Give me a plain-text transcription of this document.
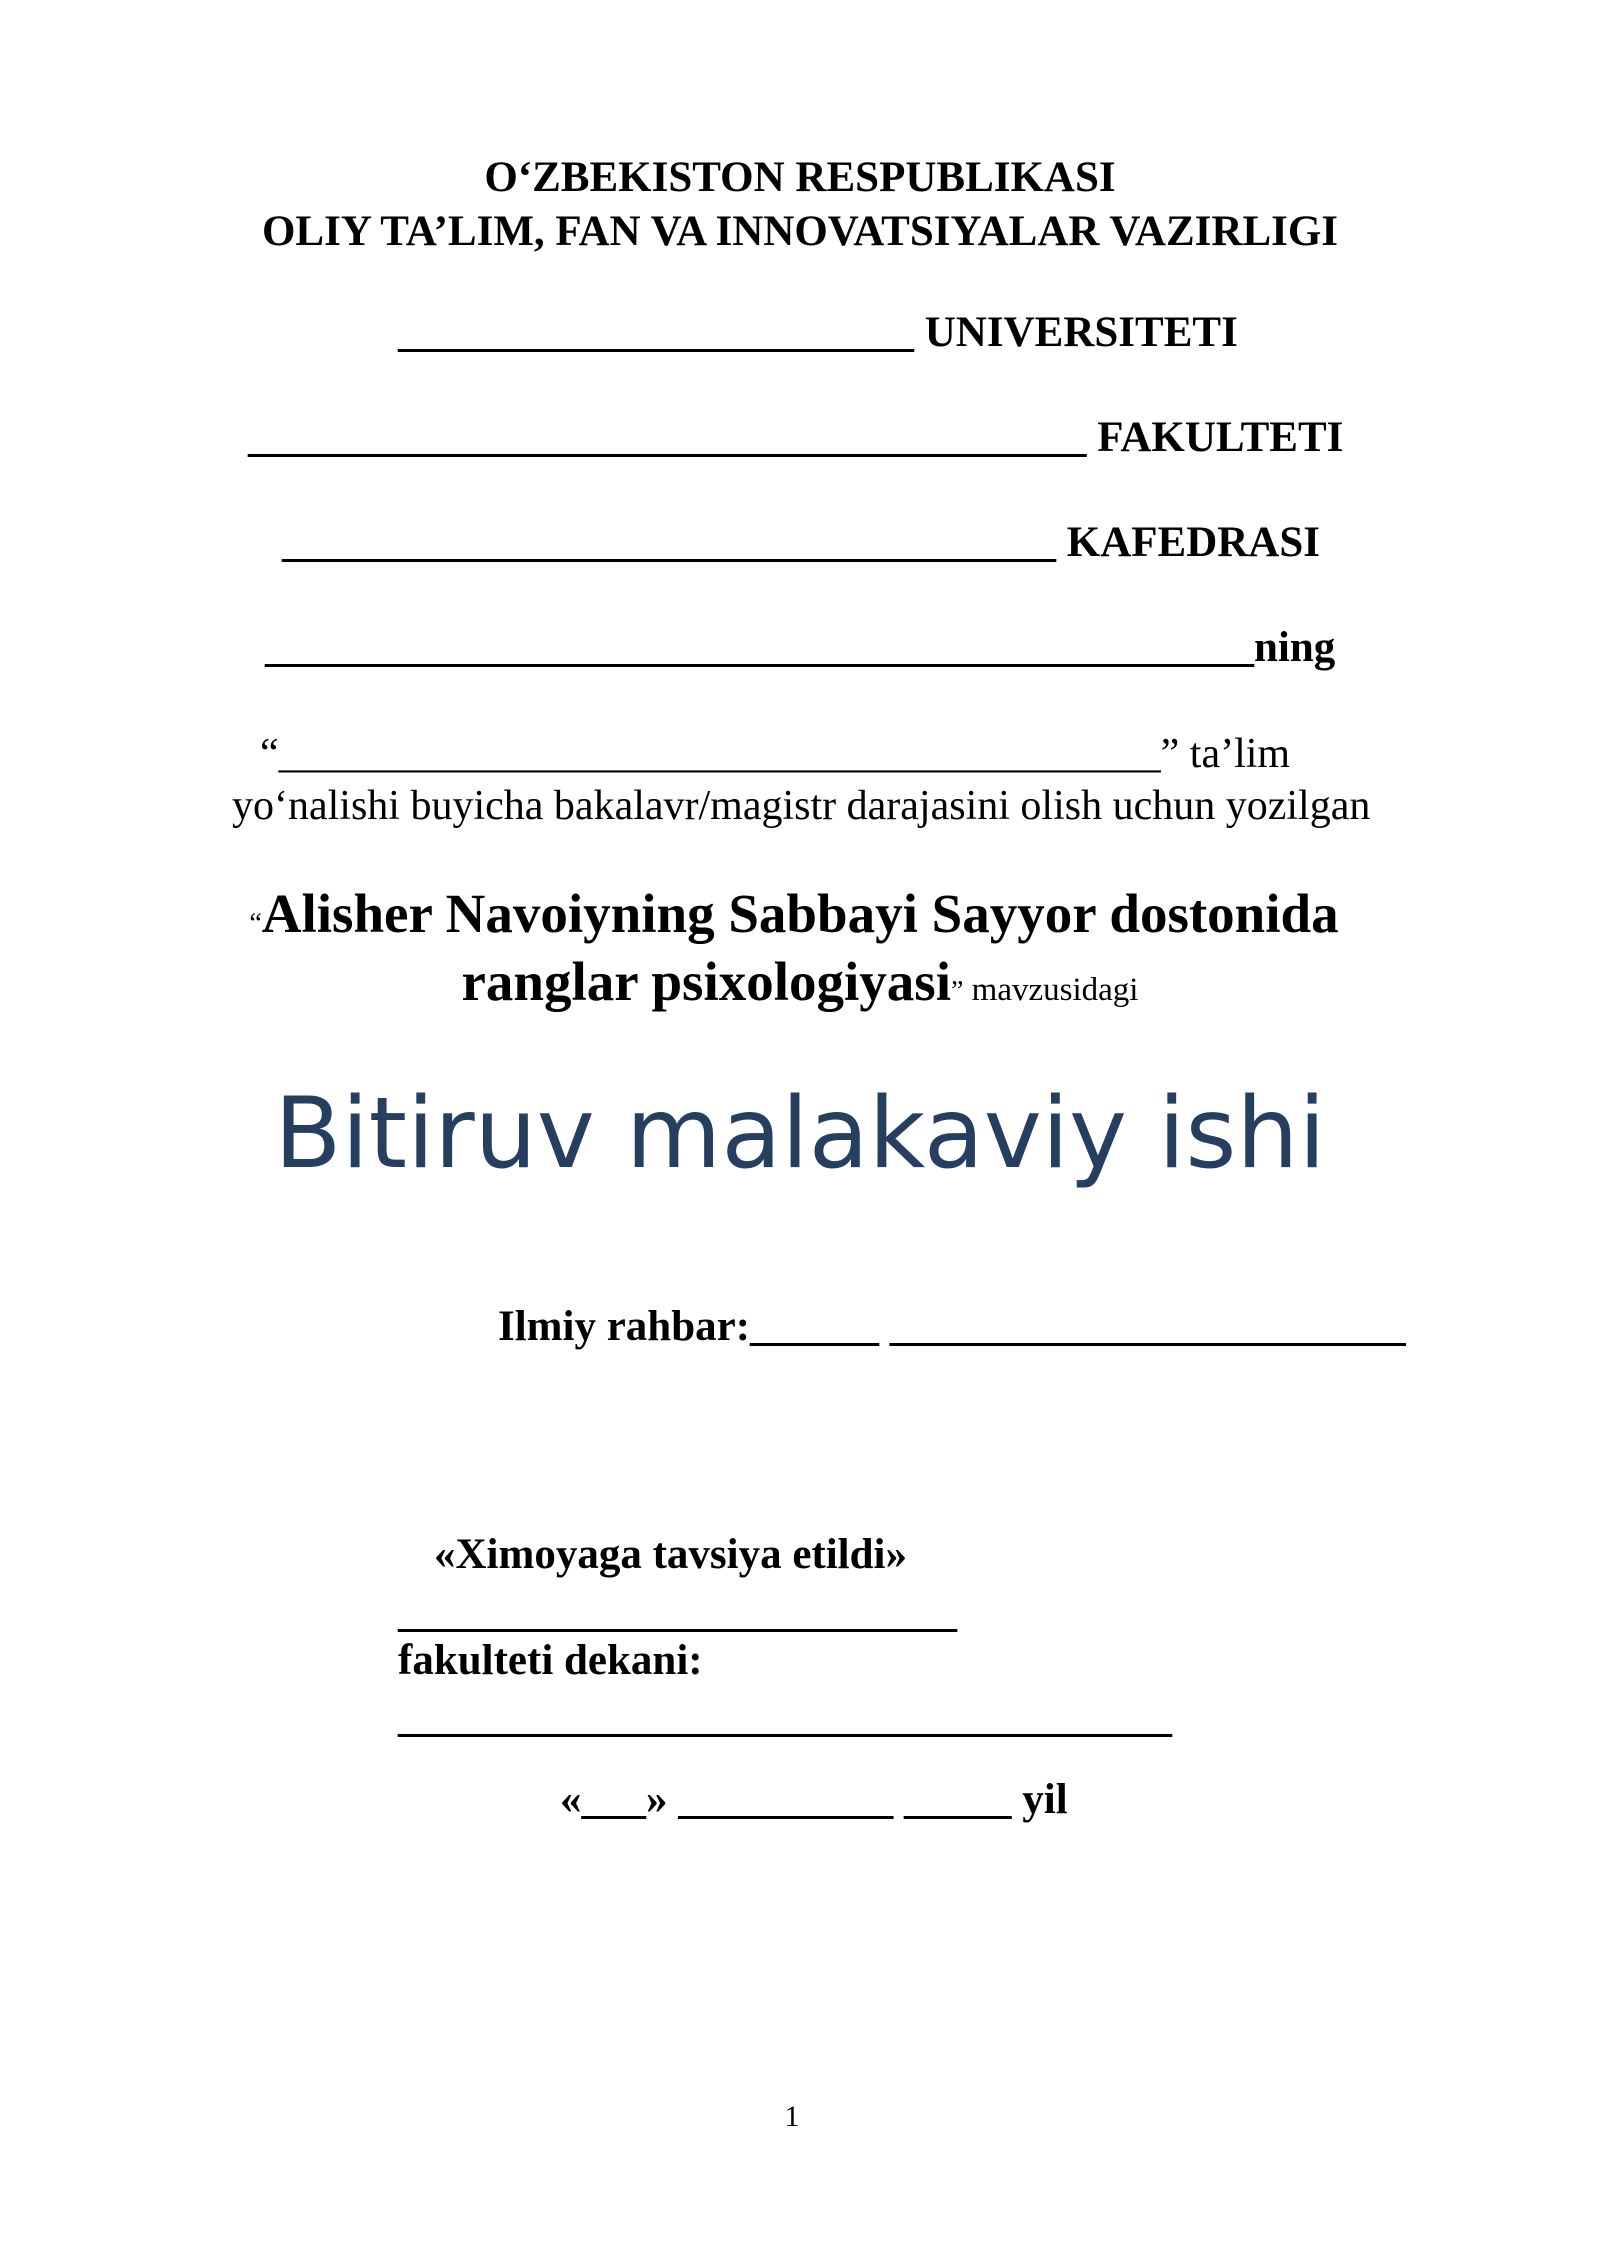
O‘ZBEKISTON RESPUBLIKASI
OLIY TA’LIM, FAN VA INNOVATSIYALAR VAZIRLIGI
________________________ UNIVERSITETI
_______________________________________ FAKULTETI
____________________________________ KAFEDRASI
______________________________________________ning
“__________________________________________” ta’lim
yo‘nalishi buyicha bakalavr/magistr darajasini olish uchun yozilgan
“Alisher Navoiyning Sabbayi Sayyor dostonida
ranglar psixologiyasi” mavzusidagi
Bitiruv malakaviy ishi
Ilmiy rahbar:______ ________________________
«Ximoyaga tavsiya etildi»
__________________________
fakulteti dekani:
____________________________________
«___» __________ _____ yil
1
